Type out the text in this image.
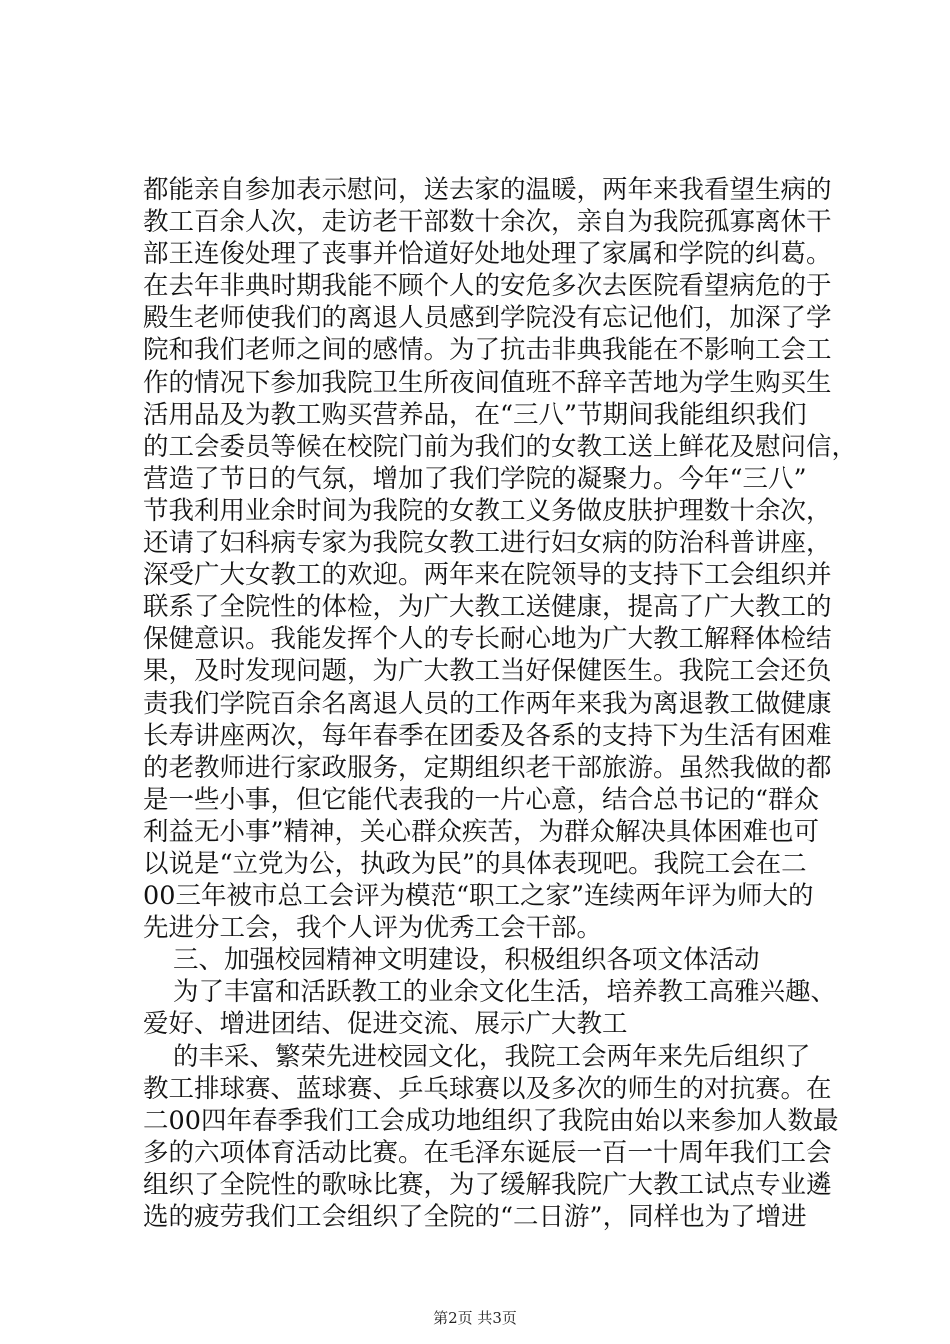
都能亲自参加表示慰问，送去家的温暖，两年来我看望生病的
教工百余人次，走访老干部数十余次，亲自为我院孤寡离休干
部王连俊处理了丧事并恰道好处地处理了家属和学院的纠葛。
在去年非典时期我能不顾个人的安危多次去医院看望病危的于
殿生老师使我们的离退人员感到学院没有忘记他们，加深了学
院和我们老师之间的感情。为了抗击非典我能在不影响工会工
作的情况下参加我院卫生所夜间值班不辞辛苦地为学生购买生
活用品及为教工购买营养品，在“三八”节期间我能组织我们
的工会委员等候在校院门前为我们的女教工送上鲜花及慰问信，
营造了节日的气氛，增加了我们学院的凝聚力。今年“三八”
节我利用业余时间为我院的女教工义务做皮肤护理数十余次，
还请了妇科病专家为我院女教工进行妇女病的防治科普讲座，
深受广大女教工的欢迎。两年来在院领导的支持下工会组织并
联系了全院性的体检，为广大教工送健康，提高了广大教工的
保健意识。我能发挥个人的专长耐心地为广大教工解释体检结
果，及时发现问题，为广大教工当好保健医生。我院工会还负
责我们学院百余名离退人员的工作两年来我为离退教工做健康
长寿讲座两次，每年春季在团委及各系的支持下为生活有困难
的老教师进行家政服务，定期组织老干部旅游。虽然我做的都
是一些小事，但它能代表我的一片心意，结合总书记的“群众
利益无小事”精神，关心群众疾苦，为群众解决具体困难也可
以说是“立党为公，执政为民”的具体表现吧。我院工会在二
00三年被市总工会评为模范“职工之家”连续两年评为师大的
先进分工会，我个人评为优秀工会干部。
三、加强校园精神文明建设，积极组织各项文体活动
为了丰富和活跃教工的业余文化生活，培养教工高雅兴趣、
爱好、增进团结、促进交流、展示广大教工
的丰采、繁荣先进校园文化，我院工会两年来先后组织了
教工排球赛、蓝球赛、乒乓球赛以及多次的师生的对抗赛。在
二00四年春季我们工会成功地组织了我院由始以来参加人数最
多的六项体育活动比赛。在毛泽东诞辰一百一十周年我们工会
组织了全院性的歌咏比赛，为了缓解我院广大教工试点专业遴
选的疲劳我们工会组织了全院的“二日游”，同样也为了增进
第2页 共3页
